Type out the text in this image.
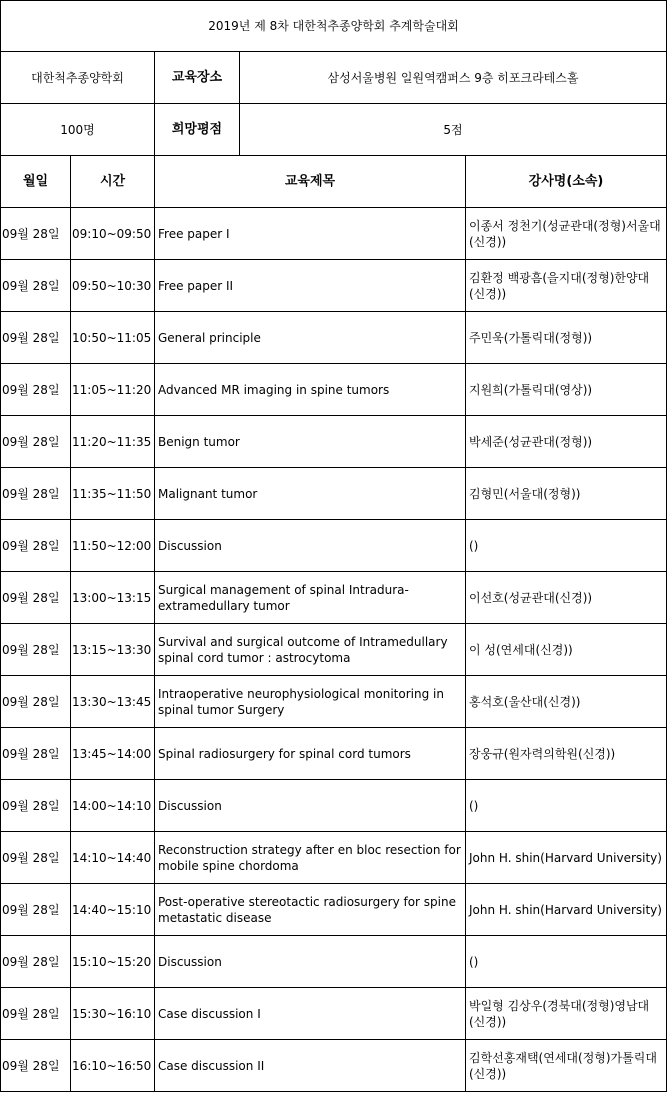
2019년 제 8차 대한척추종양학회 추계학술대회				
대한척추종양학회		교육장소	삼성서울병원 일원역캠퍼스 9층 히포크라테스홀	
100명		희망평점	5점	
월일	시간	교육제목		강사명(소속)
09월 28일	09:10~09:50	Free paper I		이종서 정천기(성균관대(정형)서울대(신경))
09월 28일	09:50~10:30	Free paper II		김환정 백광흠(을지대(정형)한양대(신경))
09월 28일	10:50~11:05	General principle		주민욱(가톨릭대(정형))
09월 28일	11:05~11:20	Advanced MR imaging in spine tumors		지원희(가톨릭대(영상))
09월 28일	11:20~11:35	Benign tumor		박세준(성균관대(정형))
09월 28일	11:35~11:50	Malignant tumor		김형민(서울대(정형))
09월 28일	11:50~12:00	Discussion		()
09월 28일	13:00~13:15	Surgical management of spinal Intradura-extramedullary tumor		이선호(성균관대(신경))
09월 28일	13:15~13:30	Survival and surgical outcome of Intramedullary spinal cord tumor : astrocytoma		이 성(연세대(신경))
09월 28일	13:30~13:45	Intraoperative neurophysiological monitoring in spinal tumor Surgery		홍석호(울산대(신경))
09월 28일	13:45~14:00	Spinal radiosurgery for spinal cord tumors		장웅규(원자력의학원(신경))
09월 28일	14:00~14:10	Discussion		()
09월 28일	14:10~14:40	Reconstruction strategy after en bloc resection for mobile spine chordoma		John H. shin(Harvard University)
09월 28일	14:40~15:10	Post-operative stereotactic radiosurgery for spine metastatic disease		John H. shin(Harvard University)
09월 28일	15:10~15:20	Discussion		()
09월 28일	15:30~16:10	Case discussion I		박일형 김상우(경북대(정형)영남대(신경))
09월 28일	16:10~16:50	Case discussion II		김학선홍재택(연세대(정형)가톨릭대(신경))
